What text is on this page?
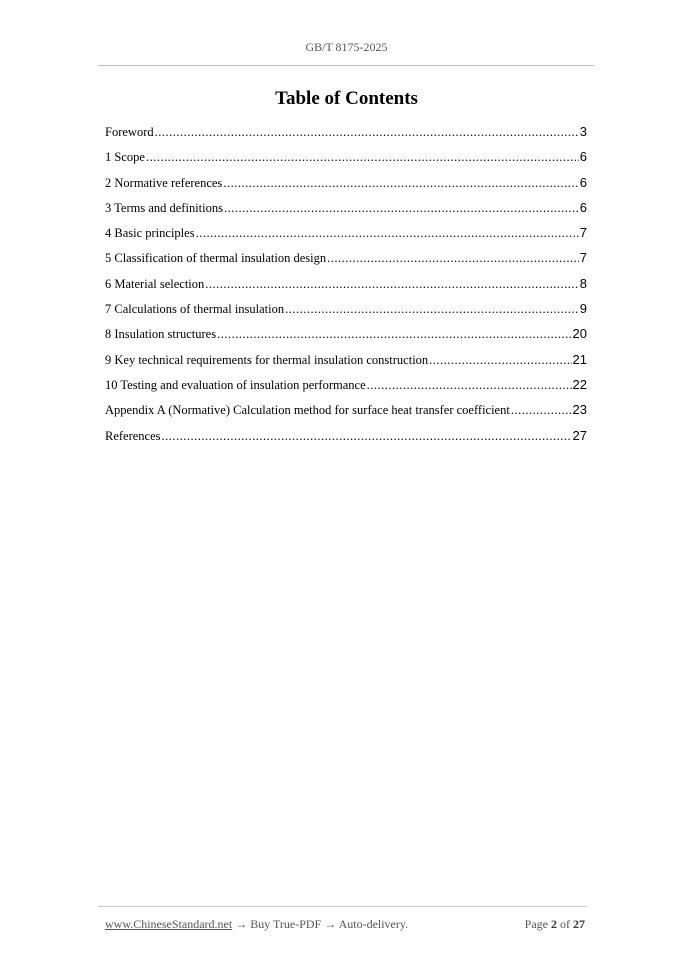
GB/T 8175-2025
Table of Contents
Foreword .....	3
1 Scope .....	6
2 Normative references .....	6
3 Terms and definitions .....	6
4 Basic principles .....	7
5 Classification of thermal insulation design .....	7
6 Material selection .....	8
7 Calculations of thermal insulation .....	9
8 Insulation structures .....	20
9 Key technical requirements for thermal insulation construction .....	21
10 Testing and evaluation of insulation performance .....	22
Appendix A (Normative) Calculation method for surface heat transfer coefficient .....	23
References .....	27
www.ChineseStandard.net → Buy True-PDF → Auto-delivery.	Page 2 of 27
